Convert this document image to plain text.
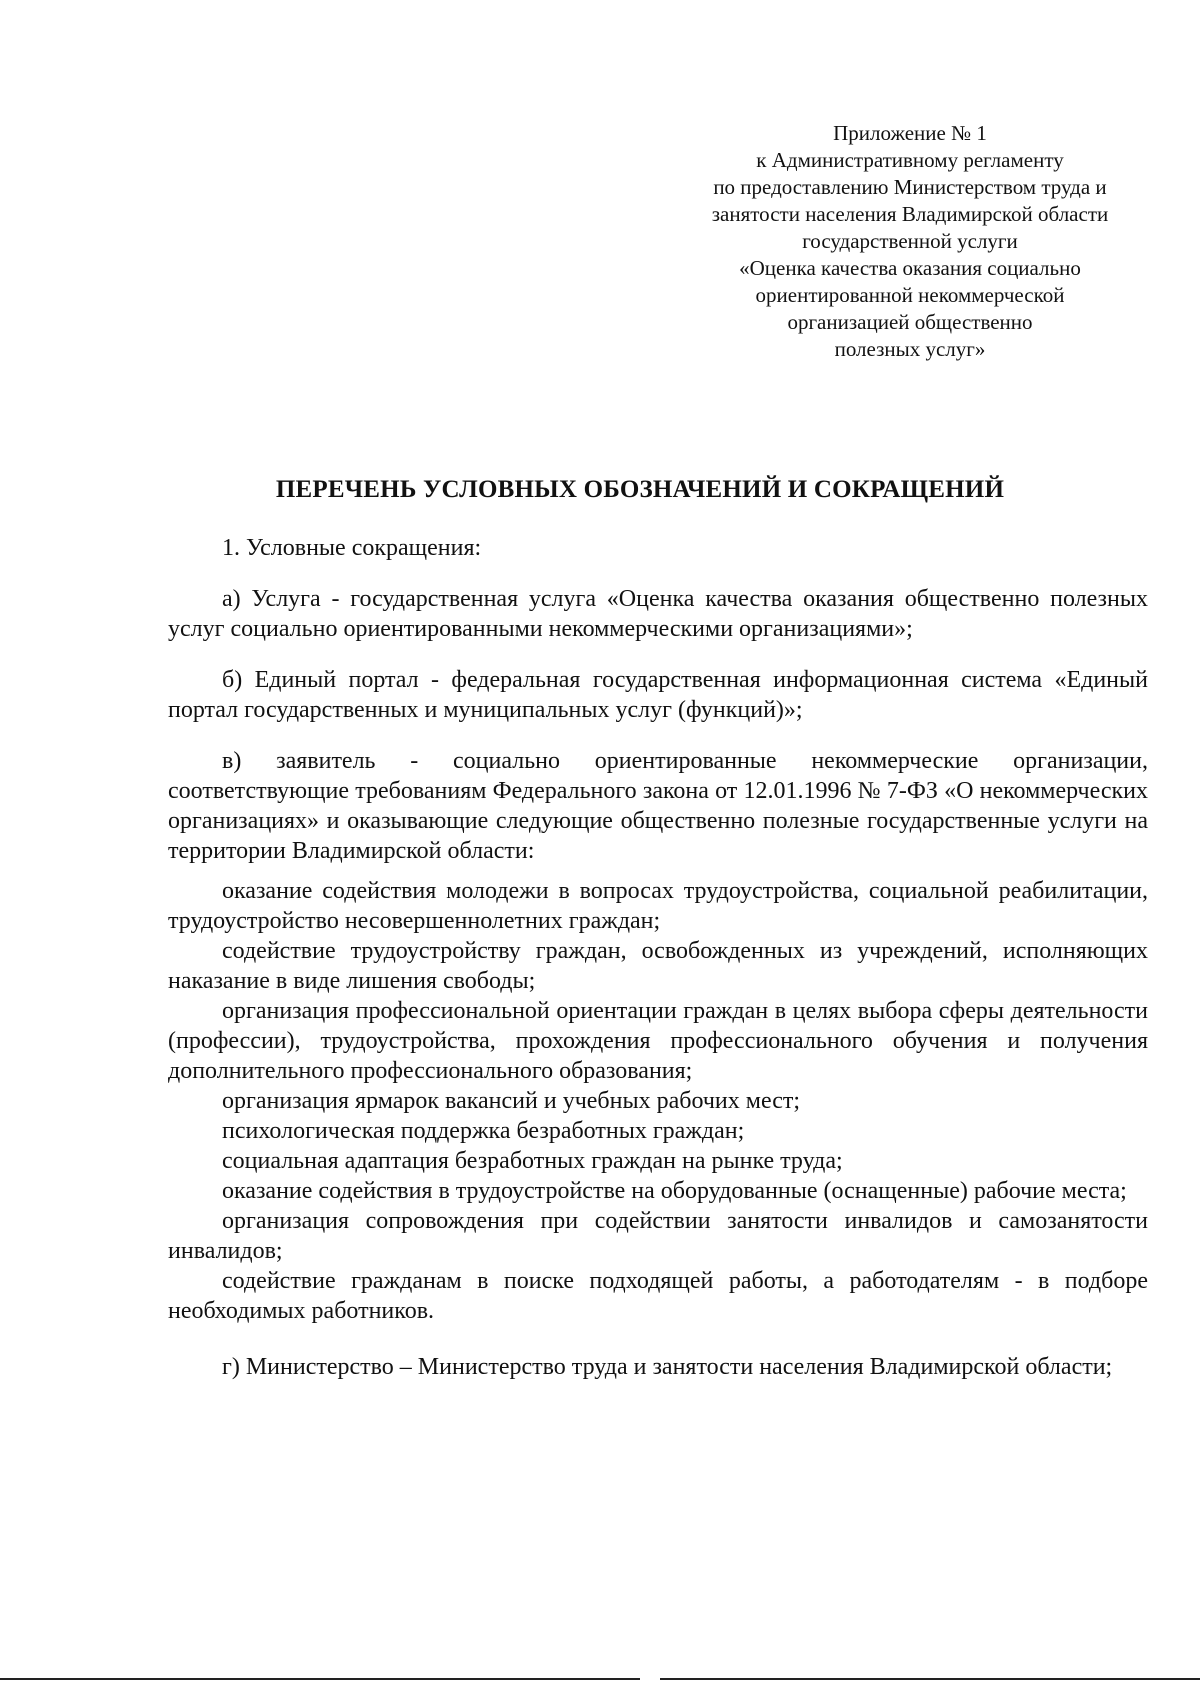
Приложение № 1
к Административному регламенту
по предоставлению Министерством труда и
занятости населения Владимирской области
государственной услуги
«Оценка качества оказания социально
ориентированной некоммерческой
организацией общественно
полезных услуг»
ПЕРЕЧЕНЬ УСЛОВНЫХ ОБОЗНАЧЕНИЙ И СОКРАЩЕНИЙ

1. Условные сокращения:

а) Услуга - государственная услуга «Оценка качества оказания общественно полезных услуг социально ориентированными некоммерческими организациями»;

б) Единый портал - федеральная государственная информационная система «Единый портал государственных и муниципальных услуг (функций)»;

в) заявитель - социально ориентированные некоммерческие организации, соответствующие требованиям Федерального закона от 12.01.1996 № 7-ФЗ «О некоммерческих организациях» и оказывающие следующие общественно полезные государственные услуги на территории Владимирской области:

оказание содействия молодежи в вопросах трудоустройства, социальной реабилитации, трудоустройство несовершеннолетних граждан;

содействие трудоустройству граждан, освобожденных из учреждений, исполняющих наказание в виде лишения свободы;

организация профессиональной ориентации граждан в целях выбора сферы деятельности (профессии), трудоустройства, прохождения профессионального обучения и получения дополнительного профессионального образования;

организация ярмарок вакансий и учебных рабочих мест;

психологическая поддержка безработных граждан;

социальная адаптация безработных граждан на рынке труда;

оказание содействия в трудоустройстве на оборудованные (оснащенные) рабочие места;

организация сопровождения при содействии занятости инвалидов и самозанятости инвалидов;

содействие гражданам в поиске подходящей работы, а работодателям - в подборе необходимых работников.

г) Министерство – Министерство труда и занятости населения Владимирской области;
